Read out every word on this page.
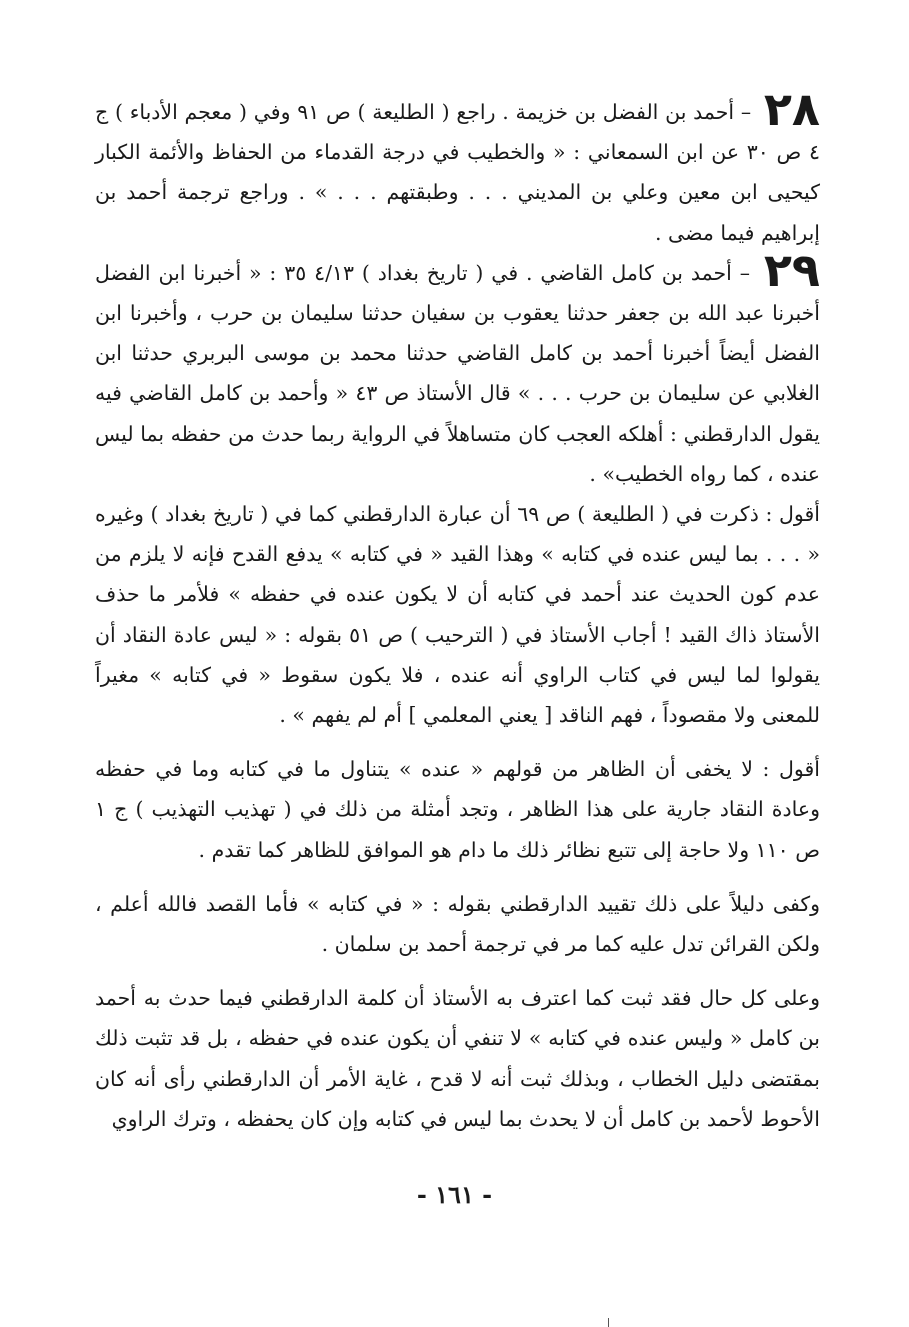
٢٨ – أحمد بن الفضل بن خزيمة . راجع ( الطليعة ) ص ٩١ وفي ( معجم الأدباء ) ج ٤ ص ٣٠ عن ابن السمعاني : « والخطيب في درجة القدماء من الحفاظ والأئمة الكبار كيحيى ابن معين وعلي بن المديني . . . وطبقتهم . . . » . وراجع ترجمة أحمد بن إبراهيم فيما مضى .

٢٩ – أحمد بن كامل القاضي . في ( تاريخ بغداد ) ٤/١٣ ٣٥ : « أخبرنا ابن الفضل أخبرنا عبد الله بن جعفر حدثنا يعقوب بن سفيان حدثنا سليمان بن حرب ، وأخبرنا ابن الفضل أيضاً أخبرنا أحمد بن كامل القاضي حدثنا محمد بن موسى البربري حدثنا ابن الغلابي عن سليمان بن حرب . . . » قال الأستاذ ص ٤٣ « وأحمد بن كامل القاضي فيه يقول الدارقطني : أهلكه العجب كان متساهلاً في الرواية ربما حدث من حفظه بما ليس عنده ، كما رواه الخطيب» .

أقول : ذكرت في ( الطليعة ) ص ٦٩ أن عبارة الدارقطني كما في ( تاريخ بغداد ) وغيره « . . . بما ليس عنده في كتابه » وهذا القيد « في كتابه » يدفع القدح فإنه لا يلزم من عدم كون الحديث عند أحمد في كتابه أن لا يكون عنده في حفظه » فلأمر ما حذف الأستاذ ذاك القيد ! أجاب الأستاذ في ( الترحيب ) ص ٥١ بقوله : « ليس عادة النقاد أن يقولوا لما ليس في كتاب الراوي أنه عنده ، فلا يكون سقوط « في كتابه » مغيراً للمعنى ولا مقصوداً ، فهم الناقد [ يعني المعلمي ] أم لم يفهم » .

أقول : لا يخفى أن الظاهر من قولهم « عنده » يتناول ما في كتابه وما في حفظه وعادة النقاد جارية على هذا الظاهر ، وتجد أمثلة من ذلك في ( تهذيب التهذيب ) ج ١ ص ١١٠ ولا حاجة إلى تتبع نظائر ذلك ما دام هو الموافق للظاهر كما تقدم .

وكفى دليلاً على ذلك تقييد الدارقطني بقوله : « في كتابه » فأما القصد فالله أعلم ، ولكن القرائن تدل عليه كما مر في ترجمة أحمد بن سلمان .

وعلى كل حال فقد ثبت كما اعترف به الأستاذ أن كلمة الدارقطني فيما حدث به أحمد بن كامل « وليس عنده في كتابه » لا تنفي أن يكون عنده في حفظه ، بل قد تثبت ذلك بمقتضى دليل الخطاب ، وبذلك ثبت أنه لا قدح ، غاية الأمر أن الدارقطني رأى أنه كان الأحوط لأحمد بن كامل أن لا يحدث بما ليس في كتابه وإن كان يحفظه ، وترك الراوي

- ١٦١ -
